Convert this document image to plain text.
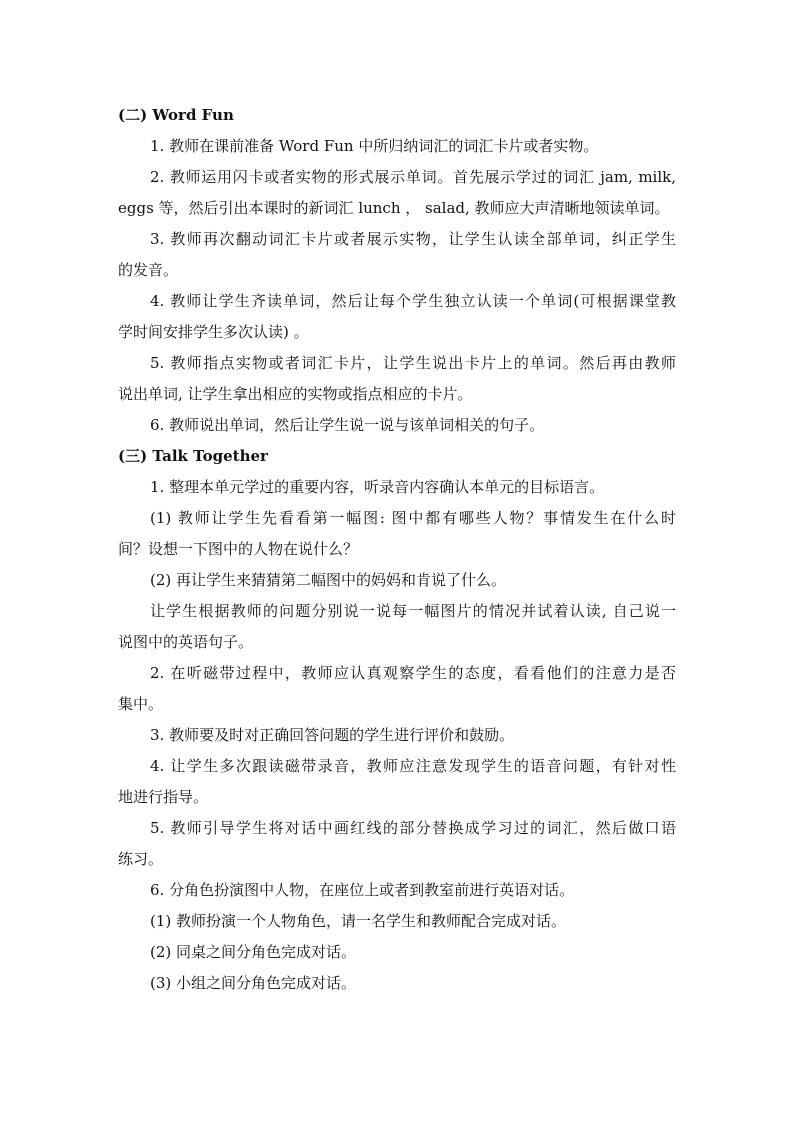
(二) Word Fun
1. 教师在课前准备 Word Fun 中所归纳词汇的词汇卡片或者实物。
2. 教师运用闪卡或者实物的形式展示单词。首先展示学过的词汇 jam, milk,
eggs 等，然后引出本课时的新词汇 lunch ， salad, 教师应大声清晰地领读单词。
3. 教师再次翻动词汇卡片或者展示实物，让学生认读全部单词，纠正学生
的发音。
4. 教师让学生齐读单词，然后让每个学生独立认读一个单词(可根据课堂教
学时间安排学生多次认读) 。
5. 教师指点实物或者词汇卡片，让学生说出卡片上的单词。然后再由教师
说出单词, 让学生拿出相应的实物或指点相应的卡片。
6. 教师说出单词，然后让学生说一说与该单词相关的句子。
(三) Talk Together
1. 整理本单元学过的重要内容，听录音内容确认本单元的目标语言。
(1) 教师让学生先看看第一幅图: 图中都有哪些人物？事情发生在什么时
间？设想一下图中的人物在说什么？
(2) 再让学生来猜猜第二幅图中的妈妈和肯说了什么。
让学生根据教师的问题分别说一说每一幅图片的情况并试着认读, 自己说一
说图中的英语句子。
2. 在听磁带过程中，教师应认真观察学生的态度，看看他们的注意力是否
集中。
3. 教师要及时对正确回答问题的学生进行评价和鼓励。
4. 让学生多次跟读磁带录音，教师应注意发现学生的语音问题，有针对性
地进行指导。
5. 教师引导学生将对话中画红线的部分替换成学习过的词汇，然后做口语
练习。
6. 分角色扮演图中人物，在座位上或者到教室前进行英语对话。
(1) 教师扮演一个人物角色，请一名学生和教师配合完成对话。
(2) 同桌之间分角色完成对话。
(3) 小组之间分角色完成对话。
